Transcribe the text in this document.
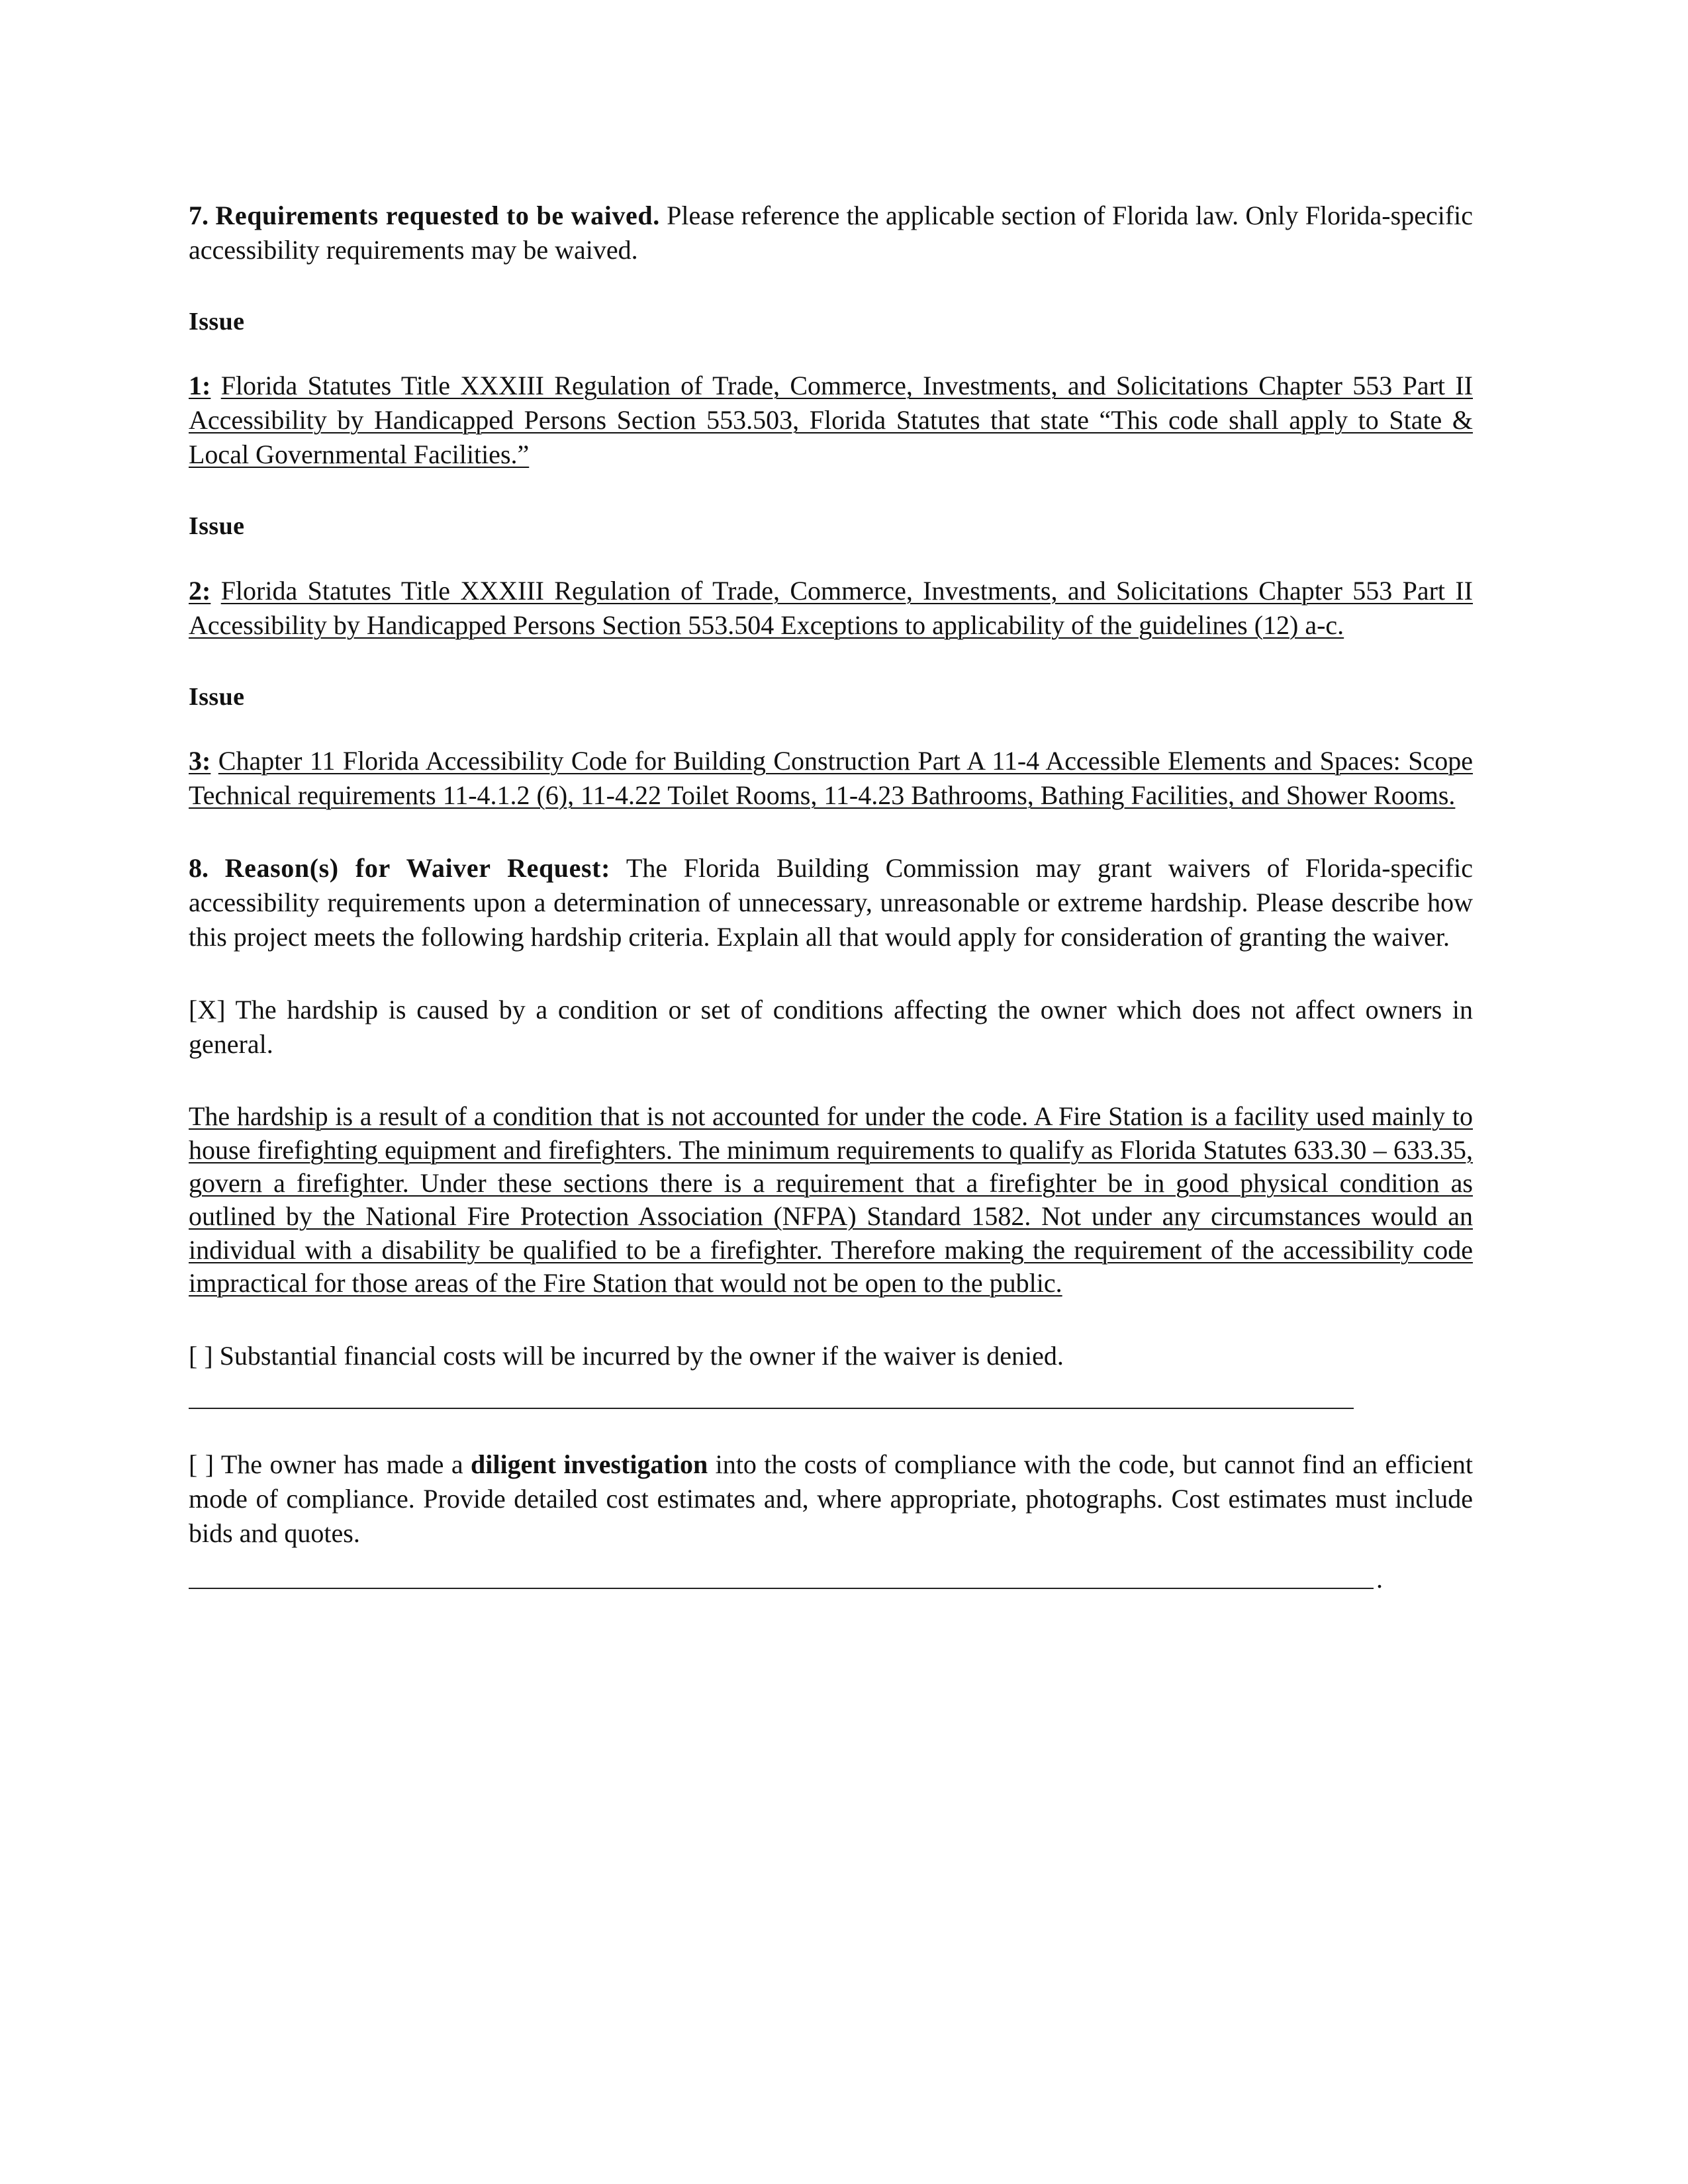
7. Requirements requested to be waived. Please reference the applicable section of Florida law. Only Florida-specific accessibility requirements may be waived.

Issue

1: Florida Statutes Title XXXIII Regulation of Trade, Commerce, Investments, and Solicitations Chapter 553 Part II Accessibility by Handicapped Persons Section 553.503, Florida Statutes that state “This code shall apply to State & Local Governmental Facilities.”

Issue

2: Florida Statutes Title XXXIII Regulation of Trade, Commerce, Investments, and Solicitations Chapter 553 Part II Accessibility by Handicapped Persons Section 553.504 Exceptions to applicability of the guidelines (12) a-c.

Issue

3: Chapter 11 Florida Accessibility Code for Building Construction Part A 11-4 Accessible Elements and Spaces: Scope Technical requirements 11-4.1.2 (6), 11-4.22 Toilet Rooms, 11-4.23 Bathrooms, Bathing Facilities, and Shower Rooms.

8. Reason(s) for Waiver Request: The Florida Building Commission may grant waivers of Florida-specific accessibility requirements upon a determination of unnecessary, unreasonable or extreme hardship. Please describe how this project meets the following hardship criteria. Explain all that would apply for consideration of granting the waiver.

[X] The hardship is caused by a condition or set of conditions affecting the owner which does not affect owners in general.

The hardship is a result of a condition that is not accounted for under the code. A Fire Station is a facility used mainly to house firefighting equipment and firefighters. The minimum requirements to qualify as Florida Statutes 633.30 – 633.35, govern a firefighter. Under these sections there is a requirement that a firefighter be in good physical condition as outlined by the National Fire Protection Association (NFPA) Standard 1582. Not under any circumstances would an individual with a disability be qualified to be a firefighter. Therefore making the requirement of the accessibility code impractical for those areas of the Fire Station that would not be open to the public.

[ ] Substantial financial costs will be incurred by the owner if the waiver is denied.

[ ] The owner has made a diligent investigation into the costs of compliance with the code, but cannot find an efficient mode of compliance. Provide detailed cost estimates and, where appropriate, photographs. Cost estimates must include bids and quotes.

.
